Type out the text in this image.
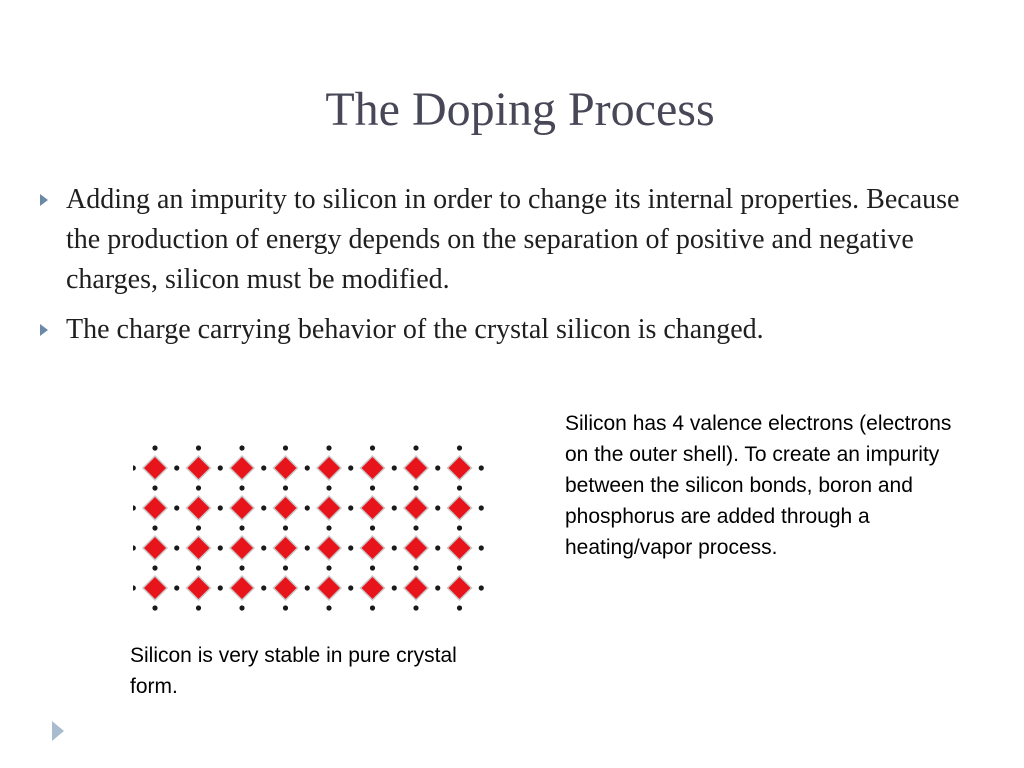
The Doping Process
Adding an impurity to silicon in order to change its internal properties. Because the production of energy depends on the separation of positive and negative charges, silicon must be modified.
The charge carrying behavior of the crystal silicon is changed.

Silicon has 4 valence electrons (electrons on the outer shell). To create an impurity between the silicon bonds, boron and phosphorus are added through a heating/vapor process.

Silicon is very stable in pure crystal form.
